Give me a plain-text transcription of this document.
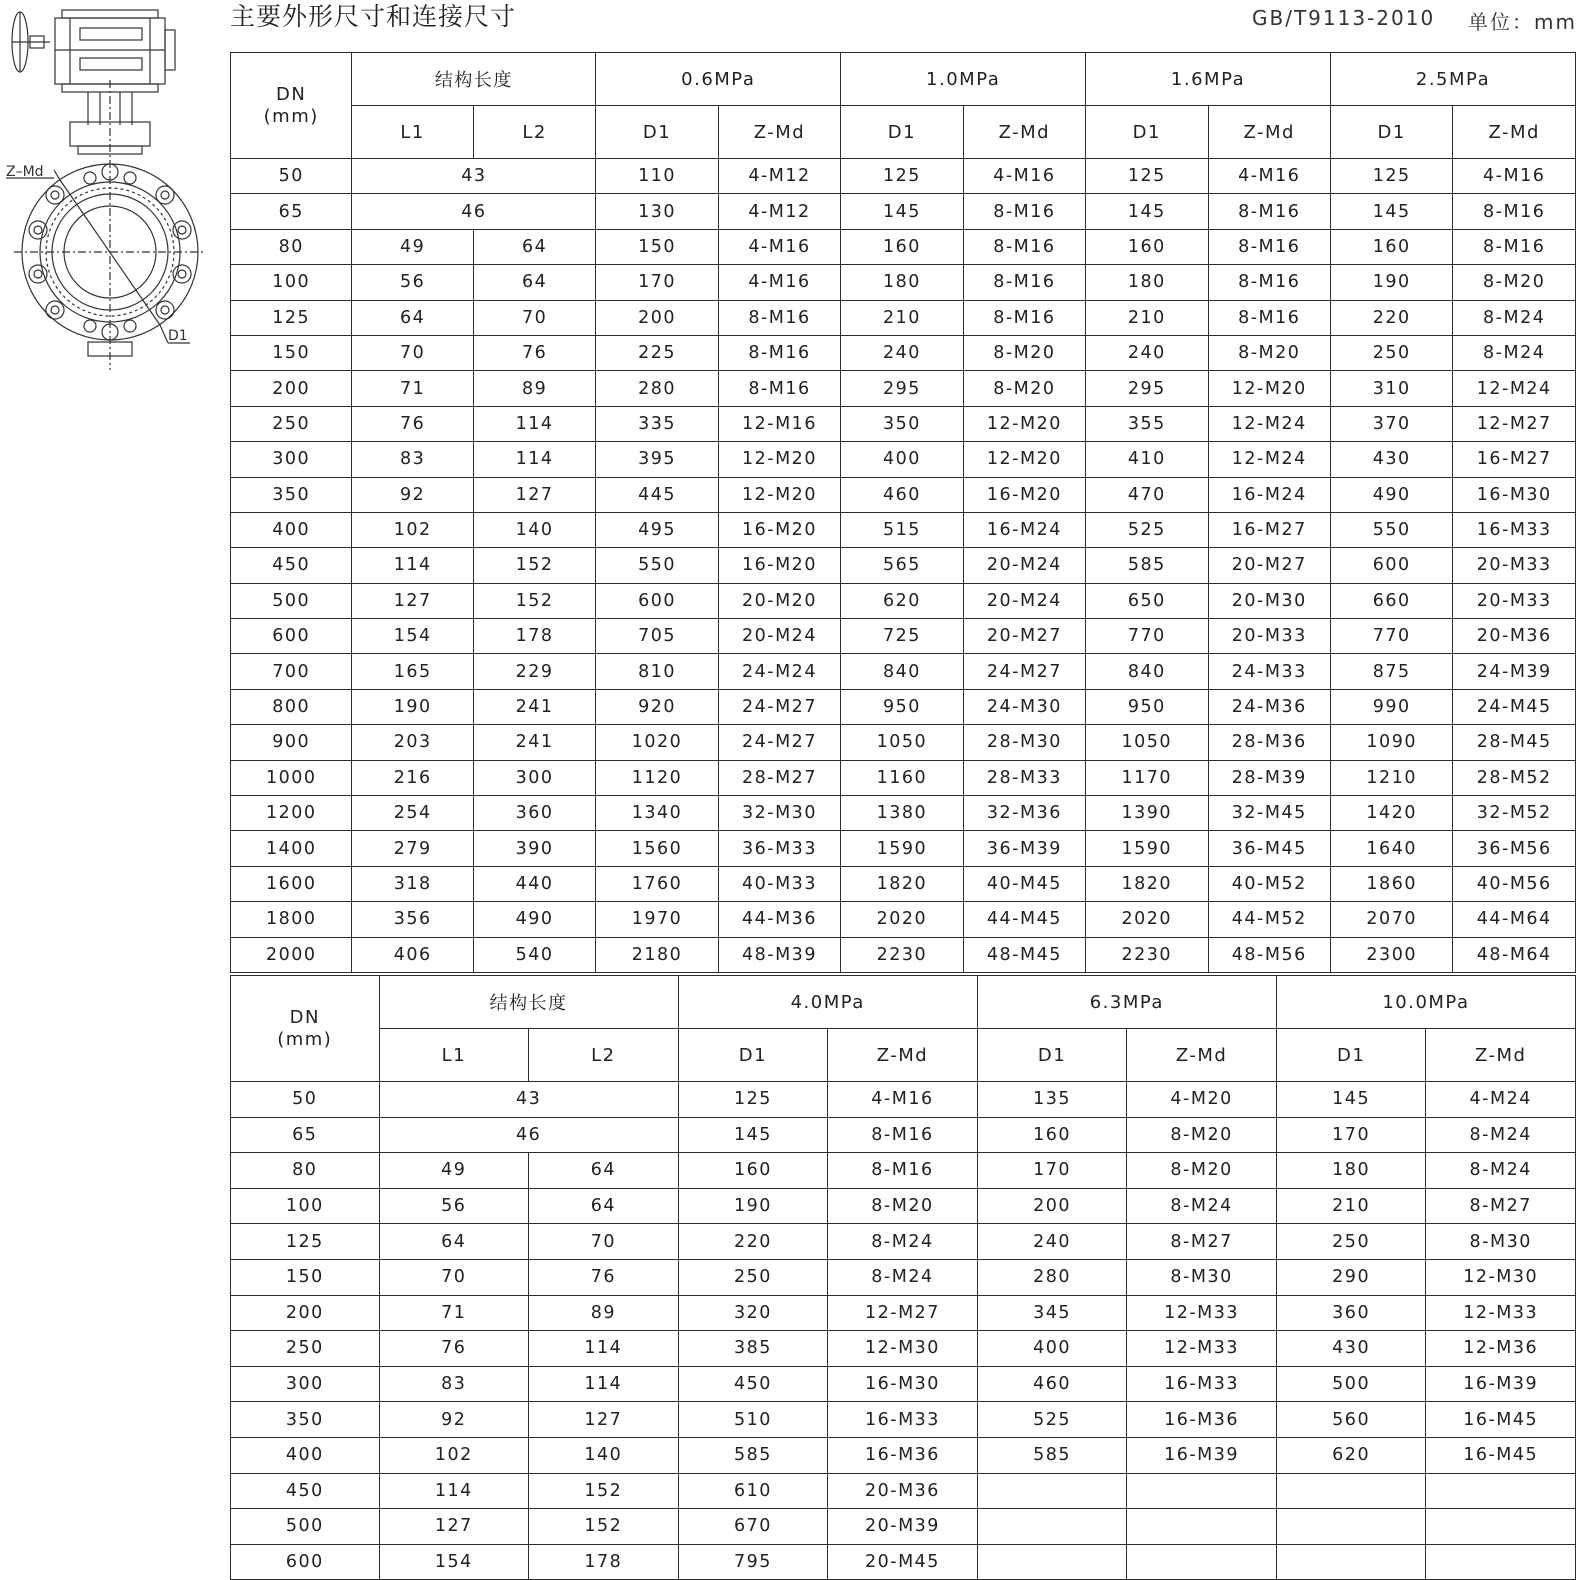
Z–Md
D1
主要外形尺寸和连接尺寸	GB/T9113-2010 单位：mm
DN
(mm)	结构长度		0.6MPa		1.0MPa		1.6MPa		2.5MPa	
	L1	L2	D1	Z-Md	D1	Z-Md	D1	Z-Md	D1	Z-Md
50	43		110	4-M12	125	4-M16	125	4-M16	125	4-M16
65	46		130	4-M12	145	8-M16	145	8-M16	145	8-M16
80	49	64	150	4-M16	160	8-M16	160	8-M16	160	8-M16
100	56	64	170	4-M16	180	8-M16	180	8-M16	190	8-M20
125	64	70	200	8-M16	210	8-M16	210	8-M16	220	8-M24
150	70	76	225	8-M16	240	8-M20	240	8-M20	250	8-M24
200	71	89	280	8-M16	295	8-M20	295	12-M20	310	12-M24
250	76	114	335	12-M16	350	12-M20	355	12-M24	370	12-M27
300	83	114	395	12-M20	400	12-M20	410	12-M24	430	16-M27
350	92	127	445	12-M20	460	16-M20	470	16-M24	490	16-M30
400	102	140	495	16-M20	515	16-M24	525	16-M27	550	16-M33
450	114	152	550	16-M20	565	20-M24	585	20-M27	600	20-M33
500	127	152	600	20-M20	620	20-M24	650	20-M30	660	20-M33
600	154	178	705	20-M24	725	20-M27	770	20-M33	770	20-M36
700	165	229	810	24-M24	840	24-M27	840	24-M33	875	24-M39
800	190	241	920	24-M27	950	24-M30	950	24-M36	990	24-M45
900	203	241	1020	24-M27	1050	28-M30	1050	28-M36	1090	28-M45
1000	216	300	1120	28-M27	1160	28-M33	1170	28-M39	1210	28-M52
1200	254	360	1340	32-M30	1380	32-M36	1390	32-M45	1420	32-M52
1400	279	390	1560	36-M33	1590	36-M39	1590	36-M45	1640	36-M56
1600	318	440	1760	40-M33	1820	40-M45	1820	40-M52	1860	40-M56
1800	356	490	1970	44-M36	2020	44-M45	2020	44-M52	2070	44-M64
2000	406	540	2180	48-M39	2230	48-M45	2230	48-M56	2300	48-M64
DN
(mm)	结构长度		4.0MPa		6.3MPa		10.0MPa	
	L1	L2	D1	Z-Md	D1	Z-Md	D1	Z-Md
50	43		125	4-M16	135	4-M20	145	4-M24
65	46		145	8-M16	160	8-M20	170	8-M24
80	49	64	160	8-M16	170	8-M20	180	8-M24
100	56	64	190	8-M20	200	8-M24	210	8-M27
125	64	70	220	8-M24	240	8-M27	250	8-M30
150	70	76	250	8-M24	280	8-M30	290	12-M30
200	71	89	320	12-M27	345	12-M33	360	12-M33
250	76	114	385	12-M30	400	12-M33	430	12-M36
300	83	114	450	16-M30	460	16-M33	500	16-M39
350	92	127	510	16-M33	525	16-M36	560	16-M45
400	102	140	585	16-M36	585	16-M39	620	16-M45
450	114	152	610	20-M36				
500	127	152	670	20-M39				
600	154	178	795	20-M45				
